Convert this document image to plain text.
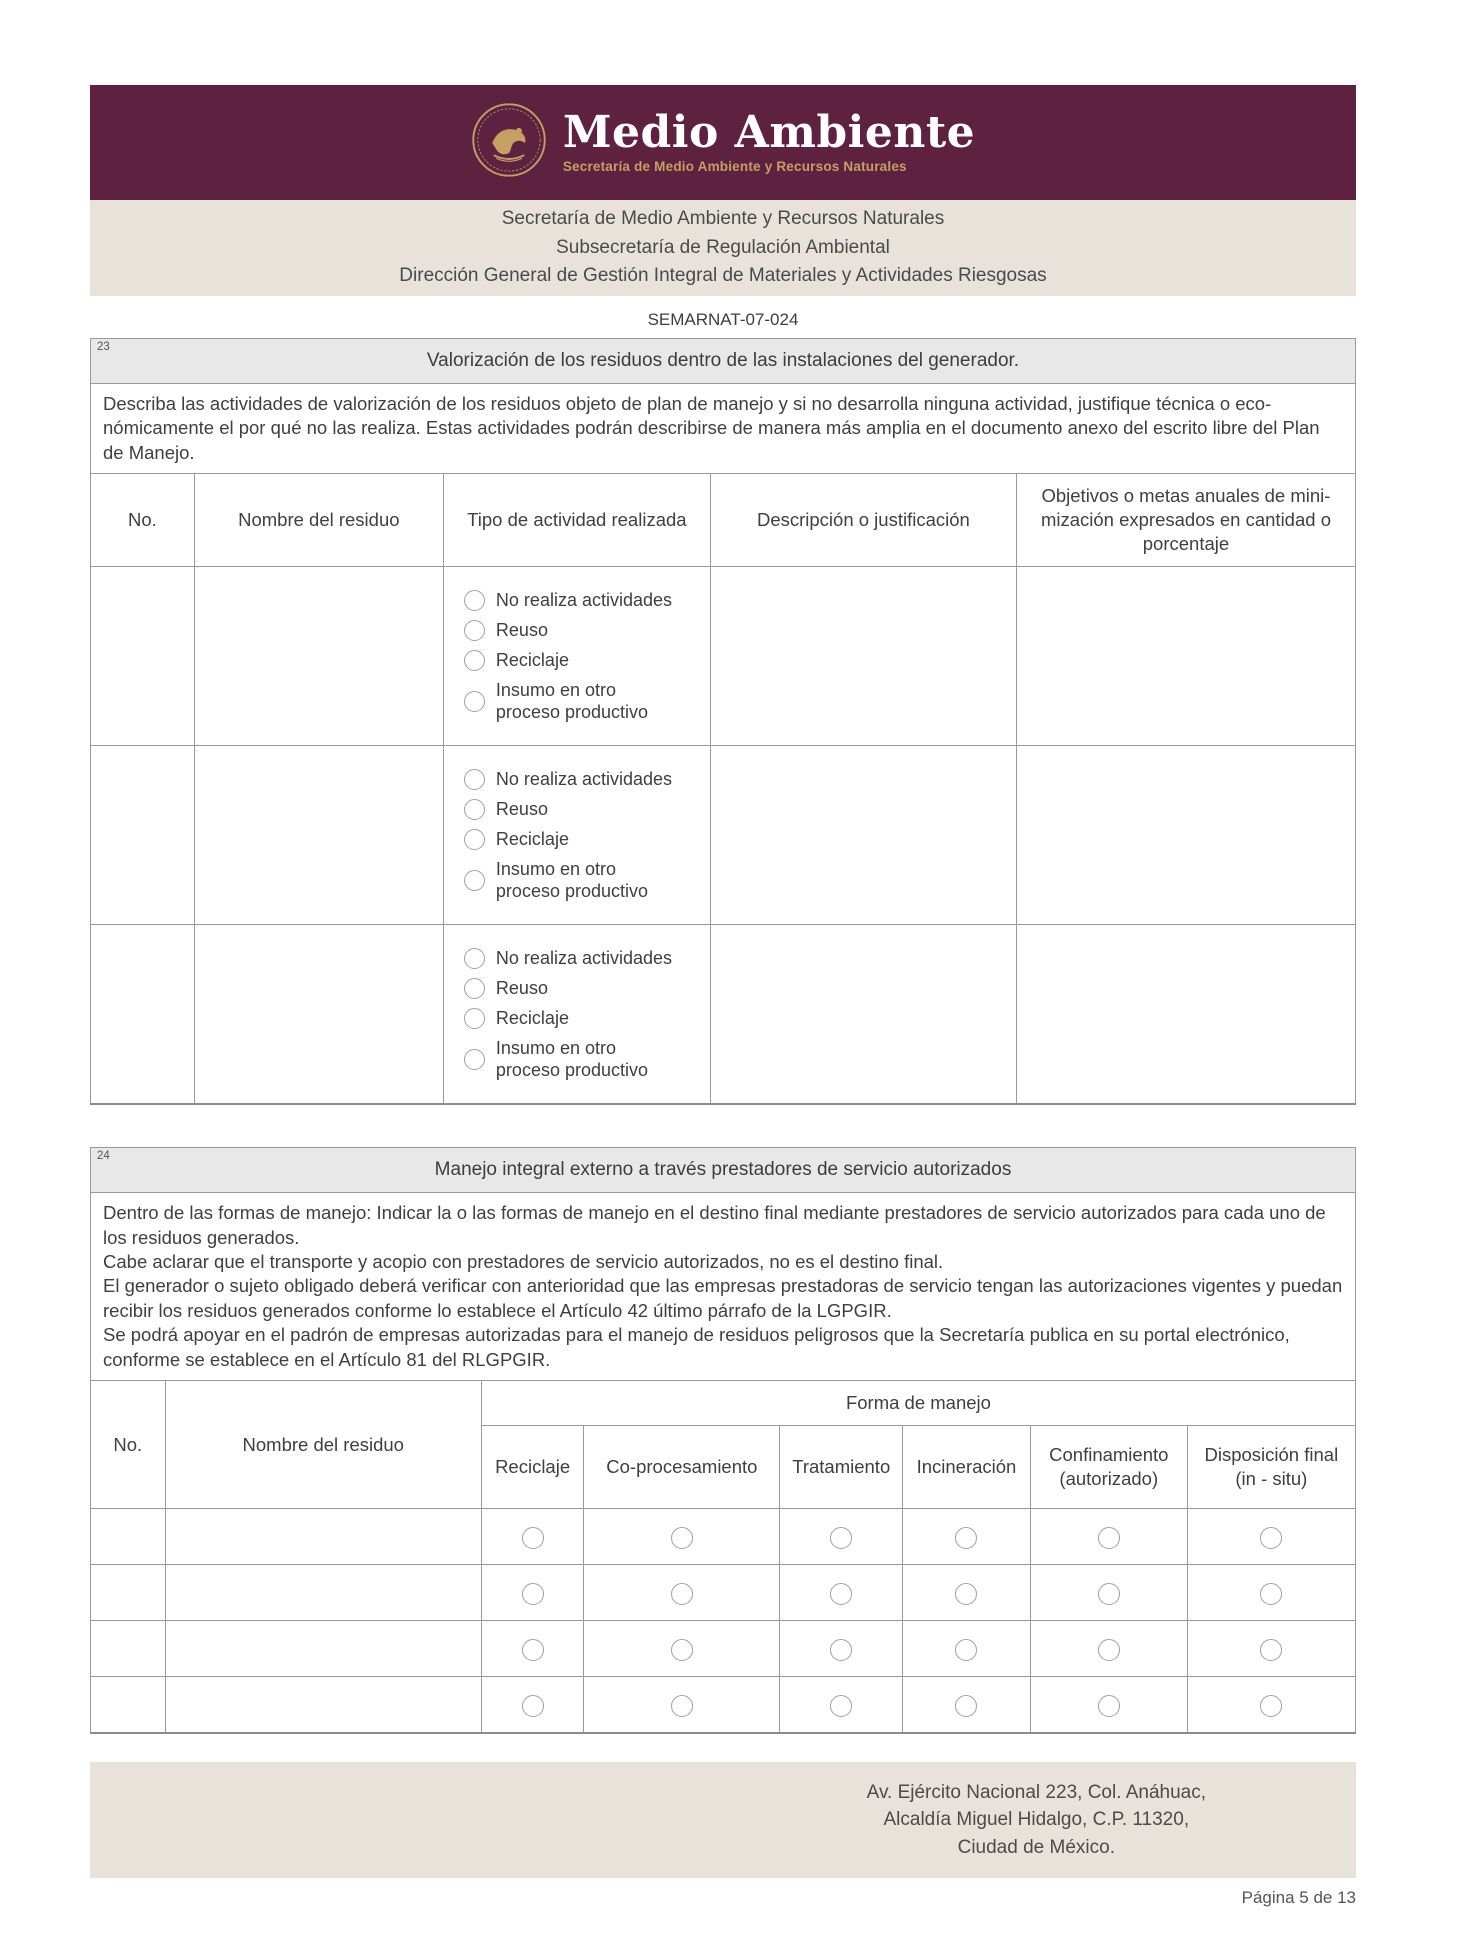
Medio Ambiente
Secretaría de Medio Ambiente y Recursos Naturales
Secretaría de Medio Ambiente y Recursos Naturales
Subsecretaría de Regulación Ambiental
Dirección General de Gestión Integral de Materiales y Actividades Riesgosas
SEMARNAT-07-024
23
Valorización de los residuos dentro de las instalaciones del generador.

Describa las actividades de valorización de los residuos objeto de plan de manejo y si no desarrolla ninguna actividad, justifique técnica o eco-nómicamente el por qué no las realiza. Estas actividades podrán describirse de manera más amplia en el documento anexo del escrito libre del Plan de Manejo.

No.	Nombre del residuo	Tipo de actividad realizada	Descripción o justificación	Objetivos o metas anuales de minimización expresados en cantidad o porcentaje

		No realiza actividades
Reuso
Reciclaje
Insumo en otro proceso productivo		

		No realiza actividades
Reuso
Reciclaje
Insumo en otro proceso productivo		

		No realiza actividades
Reuso
Reciclaje
Insumo en otro proceso productivo		

24
Manejo integral externo a través prestadores de servicio autorizados

Dentro de las formas de manejo: Indicar la o las formas de manejo en el destino final mediante prestadores de servicio autorizados para cada uno de los residuos generados.

Cabe aclarar que el transporte y acopio con prestadores de servicio autorizados, no es el destino final.

El generador o sujeto obligado deberá verificar con anterioridad que las empresas prestadoras de servicio tengan las autorizaciones vigentes y puedan recibir los residuos generados conforme lo establece el Artículo 42 último párrafo de la LGPGIR.

Se podrá apoyar en el padrón de empresas autorizadas para el manejo de residuos peligrosos que la Secretaría publica en su portal electrónico, conforme se establece en el Artículo 81 del RLGPGIR.

No.	Nombre del residuo	Forma de manejo					
		Reciclaje	Co-procesamiento	Tratamiento	Incineración	Confinamiento (autorizado)	Disposición final (in - situ)

Av. Ejército Nacional 223, Col. Anáhuac,
Alcaldía Miguel Hidalgo, C.P. 11320,
Ciudad de México.
Página 5 de 13
